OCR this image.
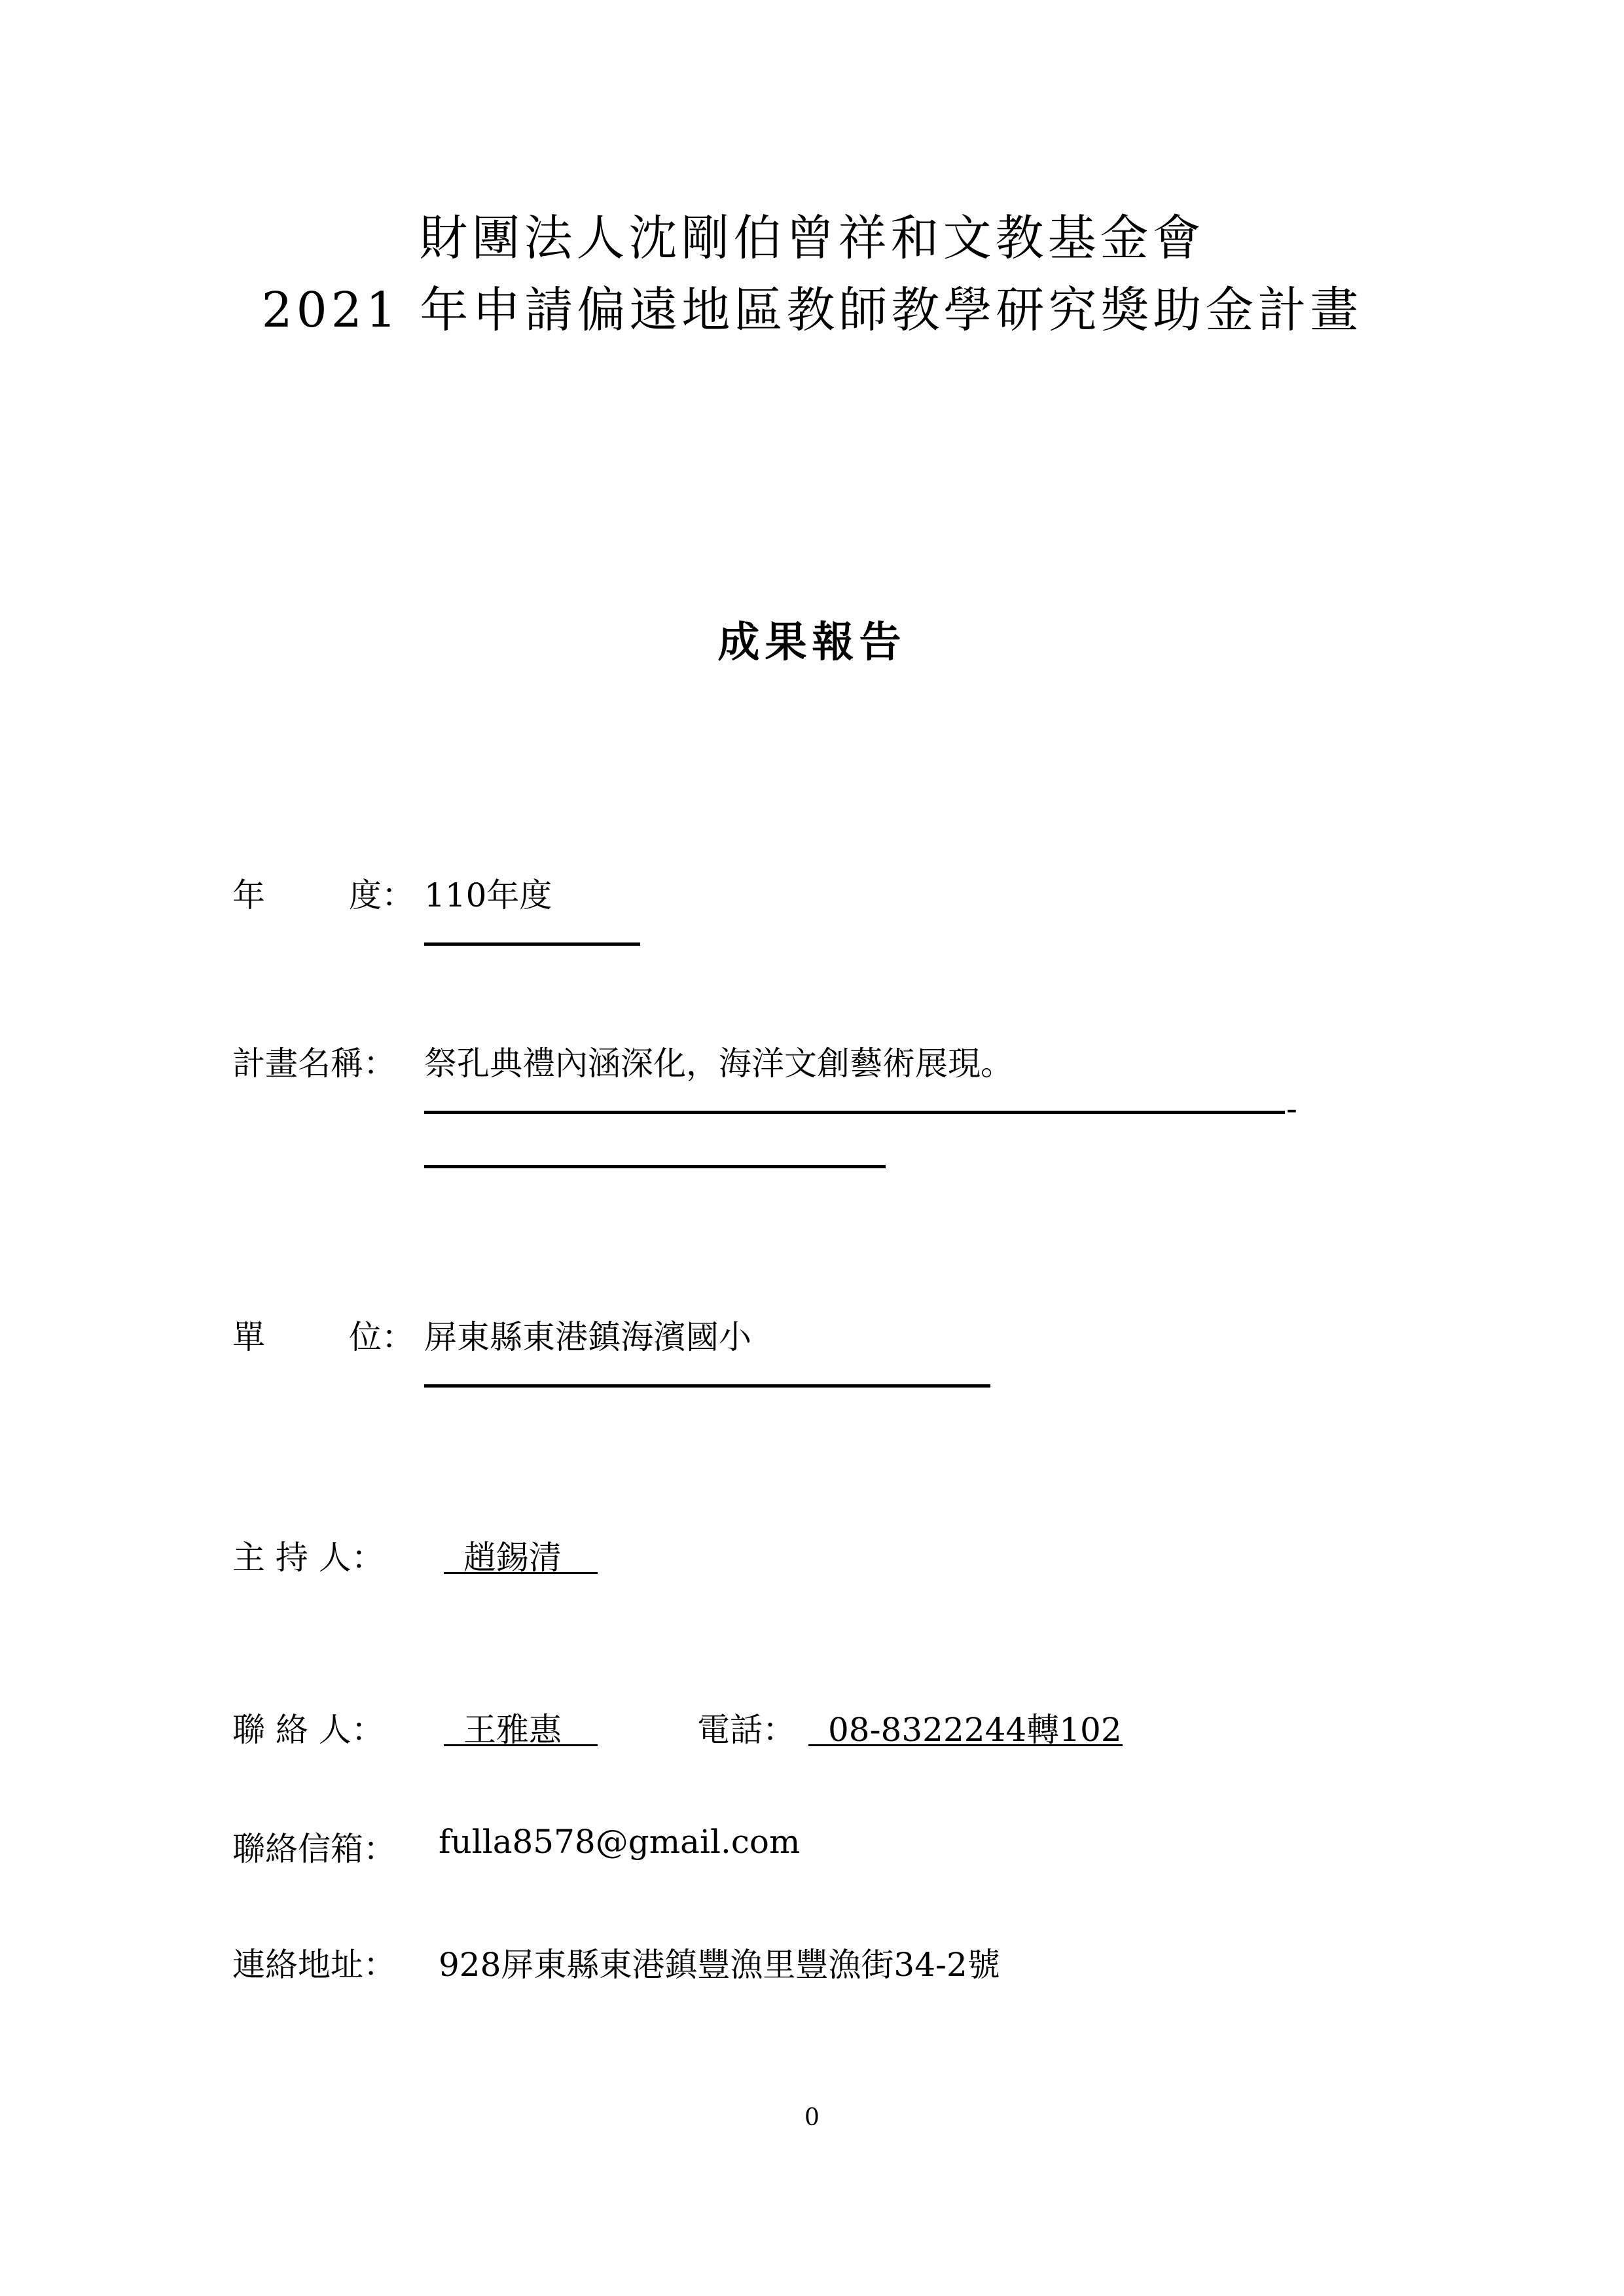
財團法人沈剛伯曾祥和文教基金會
2021 年申請偏遠地區教師教學研究獎助金計畫
成果報告
年	度： 110年度
計畫名稱： 祭孔典禮內涵深化，海洋文創藝術展現。
-
單	位： 屏東縣東港鎮海濱國小
主 持 人： 趙錫清
聯 絡 人： 王雅惠	電話： 08-8322244轉102
聯絡信箱： fulla8578@gmail.com
連絡地址： 928屏東縣東港鎮豐漁里豐漁街34-2號
0
